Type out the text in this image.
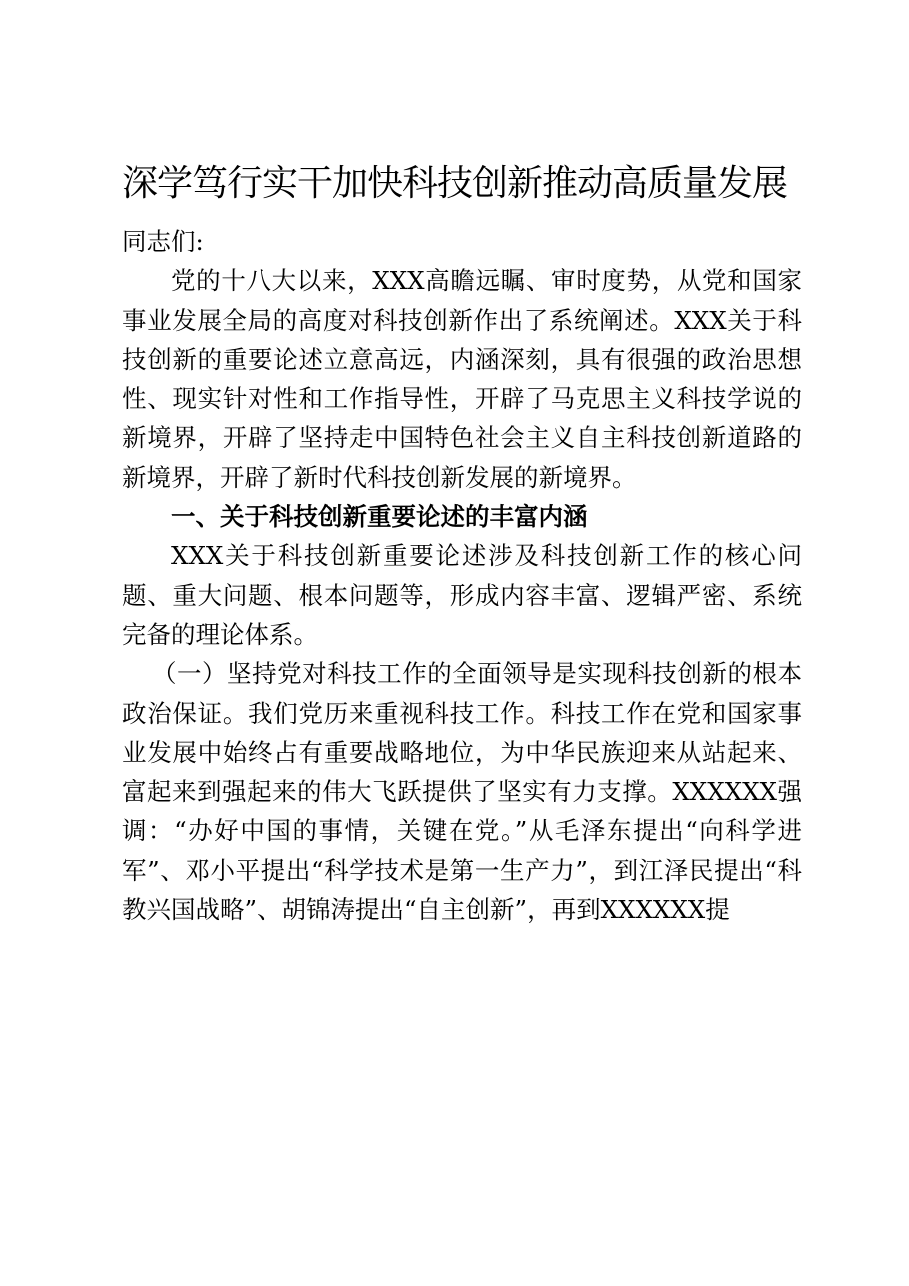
深学笃行实干加快科技创新推动高质量发展

同志们:

党的十八大以来，XXX高瞻远瞩、审时度势，从党和国家事业发展全局的高度对科技创新作出了系统阐述。XXX关于科技创新的重要论述立意高远，内涵深刻，具有很强的政治思想性、现实针对性和工作指导性，开辟了马克思主义科技学说的新境界，开辟了坚持走中国特色社会主义自主科技创新道路的新境界，开辟了新时代科技创新发展的新境界。

一、关于科技创新重要论述的丰富内涵

XXX关于科技创新重要论述涉及科技创新工作的核心问题、重大问题、根本问题等，形成内容丰富、逻辑严密、系统完备的理论体系。

（一）坚持党对科技工作的全面领导是实现科技创新的根本政治保证。我们党历来重视科技工作。科技工作在党和国家事业发展中始终占有重要战略地位，为中华民族迎来从站起来、富起来到强起来的伟大飞跃提供了坚实有力支撑。XXXXXX强调：“办好中国的事情，关键在党。”从毛泽东提出“向科学进军”、邓小平提出“科学技术是第一生产力”，到江泽民提出“科教兴国战略”、胡锦涛提出“自主创新”，再到XXXXXX提
